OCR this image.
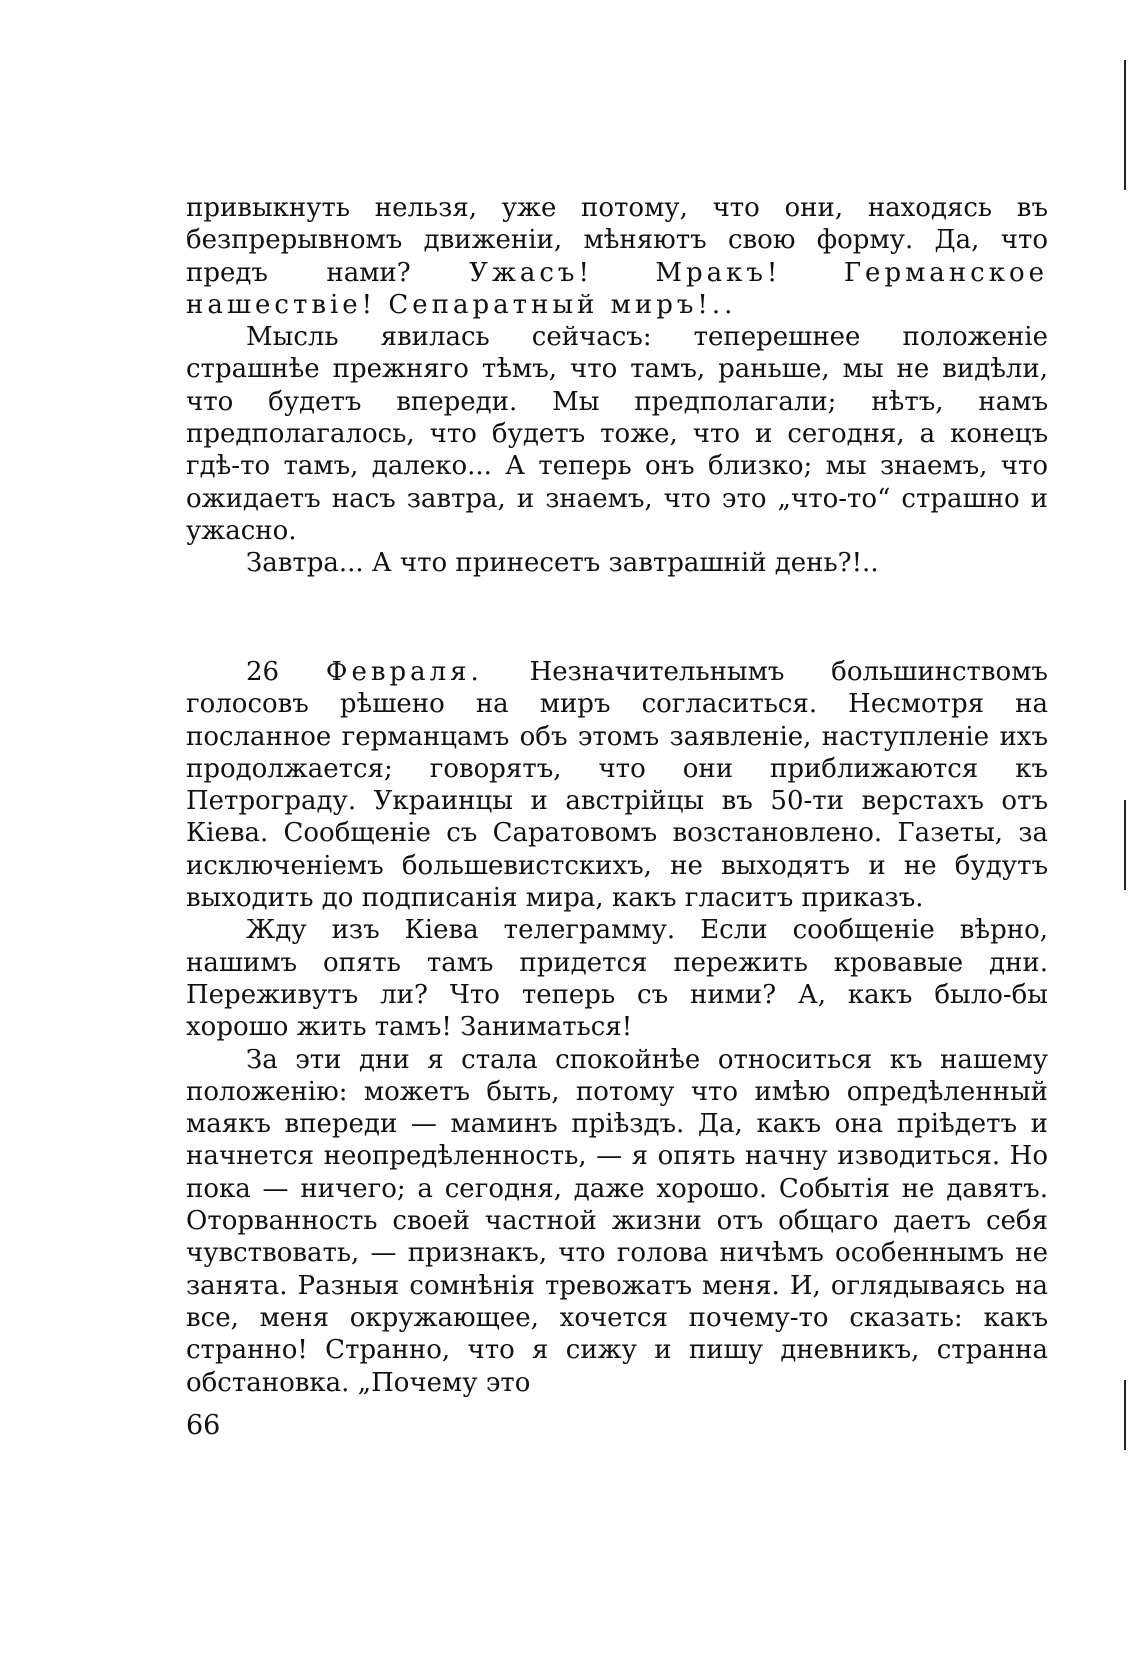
привыкнуть нельзя, уже потому, что они, находясь въ безпрерывномъ движенiи, мѣняютъ свою форму. Да, что предъ нами? Ужасъ! Мракъ! Германское нашествiе! Сепаратный миръ!..

Мысль явилась сейчасъ: теперешнее положенiе страшнѣе прежняго тѣмъ, что тамъ, раньше, мы не видѣли, что будетъ впереди. Мы предполагали; нѣтъ, намъ предполагалось, что будетъ тоже, что и сегодня, а конецъ гдѣ-то тамъ, далеко... А теперь онъ близко; мы знаемъ, что ожидаетъ насъ завтра, и знаемъ, что это „что-то“ страшно и ужасно.

Завтра... А что принесетъ завтрашнiй день?!..

26 Февраля. Незначительнымъ большинствомъ голосовъ рѣшено на миръ согласиться. Несмотря на посланное германцамъ объ этомъ заявленiе, наступленiе ихъ продолжается; говорятъ, что они приближаются къ Петрограду. Украинцы и австрiйцы въ 50-ти верстахъ отъ Кiева. Сообщенiе съ Саратовомъ возстановлено. Газеты, за исключенiемъ большевистскихъ, не выходятъ и не будутъ выходить до подписанiя мира, какъ гласитъ приказъ.

Жду изъ Кiева телеграмму. Если сообщенiе вѣрно, нашимъ опять тамъ придется пережить кровавые дни. Переживутъ ли? Что теперь съ ними? А, какъ было-бы хорошо жить тамъ! Заниматься!

За эти дни я стала спокойнѣе относиться къ нашему положенiю: можетъ быть, потому что имѣю опредѣленный маякъ впереди — маминъ прiѣздъ. Да, какъ она прiѣдетъ и начнется неопредѣленность, — я опять начну изводиться. Но пока — ничего; а сегодня, даже хорошо. Событiя не давятъ. Оторванность своей частной жизни отъ общаго даетъ себя чувствовать, — признакъ, что голова ничѣмъ особеннымъ не занята. Разныя сомнѣнiя тревожатъ меня. И, оглядываясь на все, меня окружающее, хочется почему-то сказать: какъ странно! Странно, что я сижу и пишу дневникъ, странна обстановка. „Почему это

66
